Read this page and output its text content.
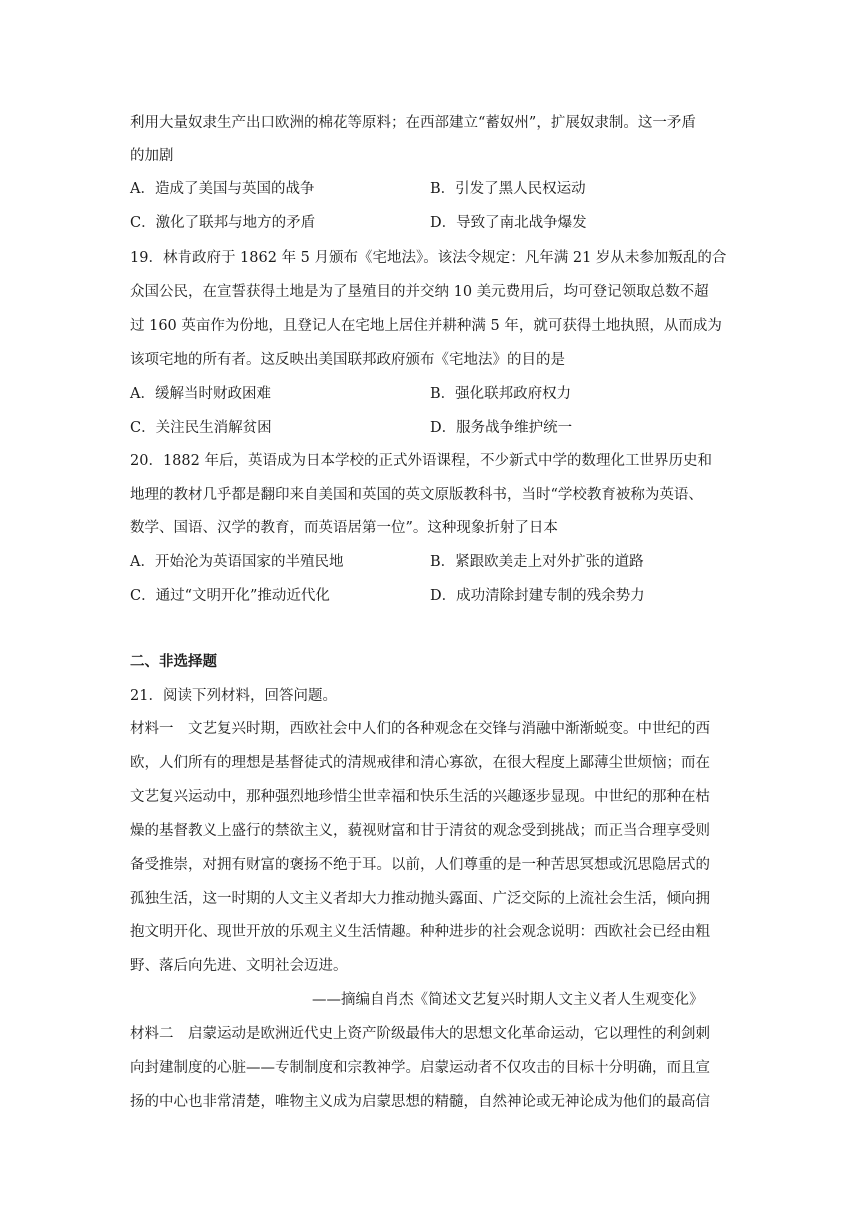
利用大量奴隶生产出口欧洲的棉花等原料；在西部建立“蓄奴州”，扩展奴隶制。这一矛盾
的加剧
A．造成了美国与英国的战争	B．引发了黑人民权运动
C．激化了联邦与地方的矛盾	D．导致了南北战争爆发
19．林肯政府于 1862 年 5 月颁布《宅地法》。该法令规定：凡年满 21 岁从未参加叛乱的合
众国公民，在宣誓获得土地是为了垦殖目的并交纳 10 美元费用后，均可登记领取总数不超
过 160 英亩作为份地，且登记人在宅地上居住并耕种满 5 年，就可获得土地执照，从而成为
该项宅地的所有者。这反映出美国联邦政府颁布《宅地法》的目的是
A．缓解当时财政困难	B．强化联邦政府权力
C．关注民生消解贫困	D．服务战争维护统一
20．1882 年后，英语成为日本学校的正式外语课程，不少新式中学的数理化工世界历史和
地理的教材几乎都是翻印来自美国和英国的英文原版教科书，当时“学校教育被称为英语、
数学、国语、汉学的教育，而英语居第一位”。这种现象折射了日本
A．开始沦为英语国家的半殖民地	B．紧跟欧美走上对外扩张的道路
C．通过“文明开化”推动近代化	D．成功清除封建专制的残余势力
二、非选择题
21．阅读下列材料，回答问题。
材料一　文艺复兴时期，西欧社会中人们的各种观念在交锋与消融中渐渐蜕变。中世纪的西
欧，人们所有的理想是基督徒式的清规戒律和清心寡欲，在很大程度上鄙薄尘世烦恼；而在
文艺复兴运动中，那种强烈地珍惜尘世幸福和快乐生活的兴趣逐步显现。中世纪的那种在枯
燥的基督教义上盛行的禁欲主义，藐视财富和甘于清贫的观念受到挑战；而正当合理享受则
备受推崇，对拥有财富的褒扬不绝于耳。以前，人们尊重的是一种苦思冥想或沉思隐居式的
孤独生活，这一时期的人文主义者却大力推动抛头露面、广泛交际的上流社会生活，倾向拥
抱文明开化、现世开放的乐观主义生活情趣。种种进步的社会观念说明：西欧社会已经由粗
野、落后向先进、文明社会迈进。
——摘编自肖杰《简述文艺复兴时期人文主义者人生观变化》
材料二　启蒙运动是欧洲近代史上资产阶级最伟大的思想文化革命运动，它以理性的利剑刺
向封建制度的心脏——专制制度和宗教神学。启蒙运动者不仅攻击的目标十分明确，而且宣
扬的中心也非常清楚，唯物主义成为启蒙思想的精髓，自然神论或无神论成为他们的最高信
